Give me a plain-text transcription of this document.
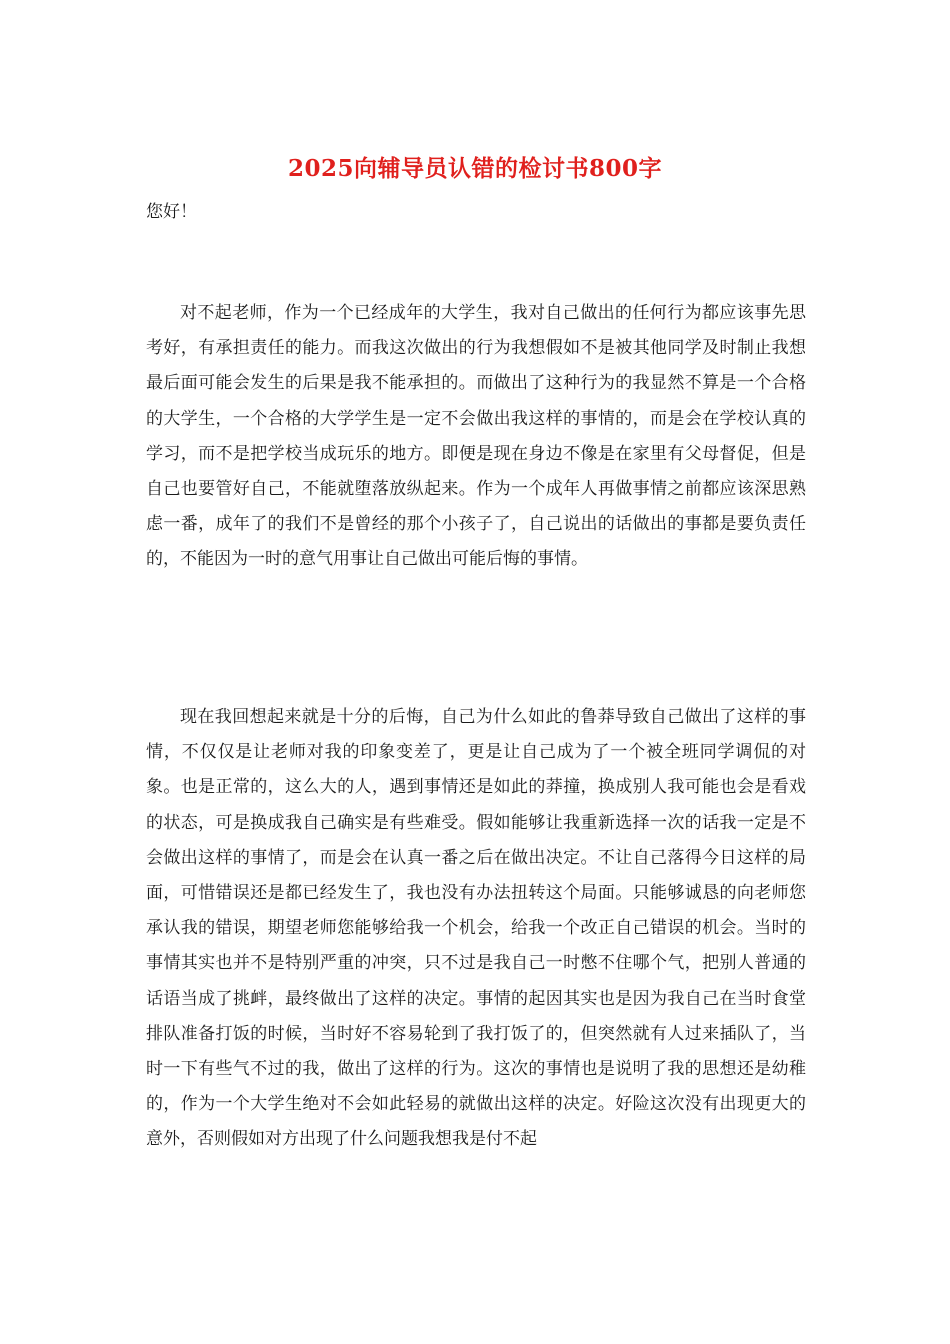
2025向辅导员认错的检讨书800字

您好！

对不起老师，作为一个已经成年的大学生，我对自己做出的任何行为都应该事先思考好，有承担责任的能力。而我这次做出的行为我想假如不是被其他同学及时制止我想最后面可能会发生的后果是我不能承担的。而做出了这种行为的我显然不算是一个合格的大学生，一个合格的大学学生是一定不会做出我这样的事情的，而是会在学校认真的学习，而不是把学校当成玩乐的地方。即便是现在身边不像是在家里有父母督促，但是自己也要管好自己，不能就堕落放纵起来。作为一个成年人再做事情之前都应该深思熟虑一番，成年了的我们不是曾经的那个小孩子了，自己说出的话做出的事都是要负责任的，不能因为一时的意气用事让自己做出可能后悔的事情。

现在我回想起来就是十分的后悔，自己为什么如此的鲁莽导致自己做出了这样的事情，不仅仅是让老师对我的印象变差了，更是让自己成为了一个被全班同学调侃的对象。也是正常的，这么大的人，遇到事情还是如此的莽撞，换成别人我可能也会是看戏的状态，可是换成我自己确实是有些难受。假如能够让我重新选择一次的话我一定是不会做出这样的事情了，而是会在认真一番之后在做出决定。不让自己落得今日这样的局面，可惜错误还是都已经发生了，我也没有办法扭转这个局面。只能够诚恳的向老师您承认我的错误，期望老师您能够给我一个机会，给我一个改正自己错误的机会。当时的事情其实也并不是特别严重的冲突，只不过是我自己一时憋不住哪个气，把别人普通的话语当成了挑衅，最终做出了这样的决定。事情的起因其实也是因为我自己在当时食堂排队准备打饭的时候，当时好不容易轮到了我打饭了的，但突然就有人过来插队了，当时一下有些气不过的我，做出了这样的行为。这次的事情也是说明了我的思想还是幼稚的，作为一个大学生绝对不会如此轻易的就做出这样的决定。好险这次没有出现更大的意外，否则假如对方出现了什么问题我想我是付不起
